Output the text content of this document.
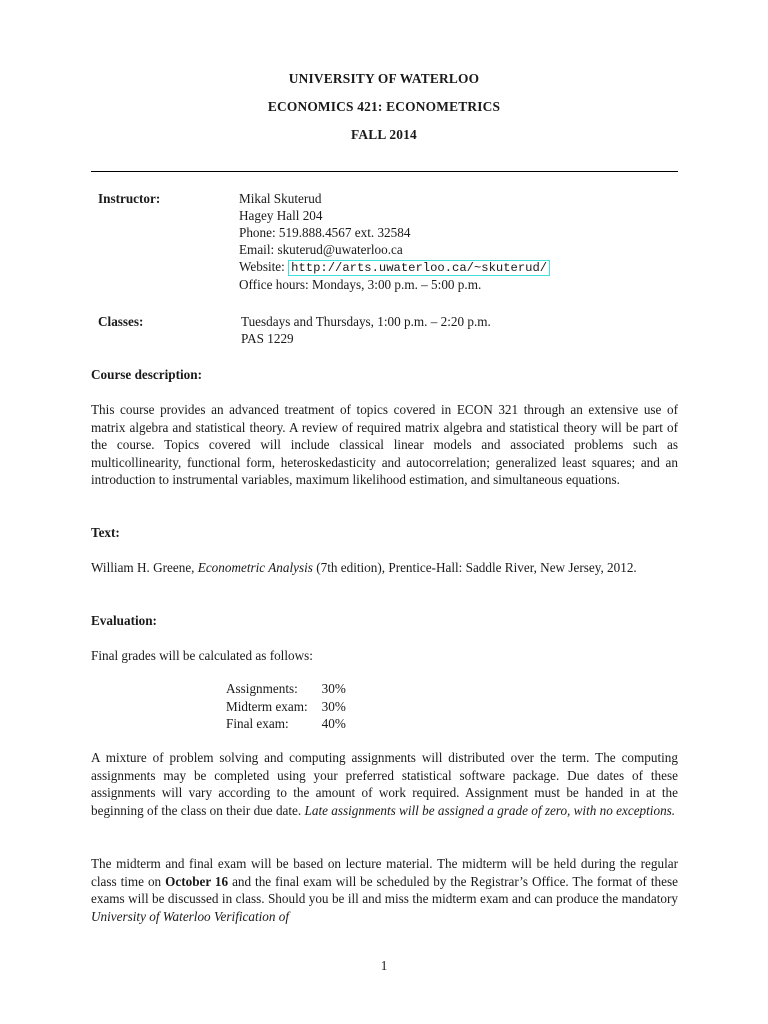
UNIVERSITY OF WATERLOO
ECONOMICS 421: ECONOMETRICS
FALL 2014
Instructor:	Mikal Skuterud
Hagey Hall 204
Phone: 519.888.4567 ext. 32584
Email: skuterud@uwaterloo.ca
Website: http://arts.uwaterloo.ca/~skuterud/
Office hours: Mondays, 3:00 p.m. – 5:00 p.m.
Classes:	Tuesdays and Thursdays, 1:00 p.m. – 2:20 p.m.
PAS 1229
Course description:
This course provides an advanced treatment of topics covered in ECON 321 through an extensive use of matrix algebra and statistical theory. A review of required matrix algebra and statistical theory will be part of the course. Topics covered will include classical linear models and associated problems such as multicollinearity, functional form, heteroskedasticity and autocorrelation; generalized least squares; and an introduction to instrumental variables, maximum likelihood estimation, and simultaneous equations.
Text:
William H. Greene, Econometric Analysis (7th edition), Prentice-Hall: Saddle River, New Jersey, 2012.
Evaluation:
Final grades will be calculated as follows:
Assignments:	30%
Midterm exam:	30%
Final exam:	40%
A mixture of problem solving and computing assignments will distributed over the term. The computing assignments may be completed using your preferred statistical software package. Due dates of these assignments will vary according to the amount of work required. Assignment must be handed in at the beginning of the class on their due date. Late assignments will be assigned a grade of zero, with no exceptions.
The midterm and final exam will be based on lecture material. The midterm will be held during the regular class time on October 16 and the final exam will be scheduled by the Registrar’s Office. The format of these exams will be discussed in class. Should you be ill and miss the midterm exam and can produce the mandatory University of Waterloo Verification of
1
